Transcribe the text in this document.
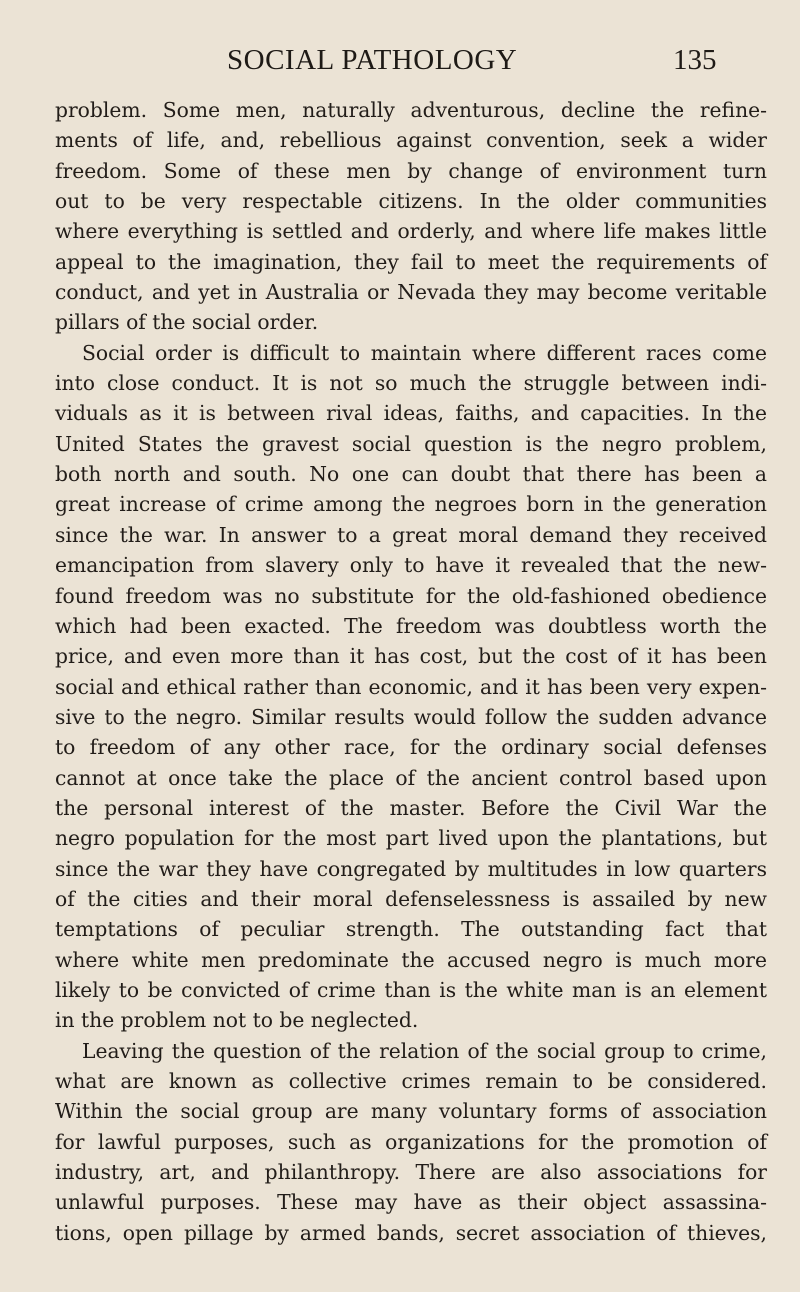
SOCIAL PATHOLOGY	135
problem. Some men, naturally adventurous, decline the refine-
ments of life, and, rebellious against convention, seek a wider
freedom. Some of these men by change of environment turn
out to be very respectable citizens. In the older communities
where everything is settled and orderly, and where life makes little
appeal to the imagination, they fail to meet the requirements of
conduct, and yet in Australia or Nevada they may become veritable
pillars of the social order.
Social order is difficult to maintain where different races come
into close conduct. It is not so much the struggle between indi-
viduals as it is between rival ideas, faiths, and capacities. In the
United States the gravest social question is the negro problem,
both north and south. No one can doubt that there has been a
great increase of crime among the negroes born in the generation
since the war. In answer to a great moral demand they received
emancipation from slavery only to have it revealed that the new-
found freedom was no substitute for the old-fashioned obedience
which had been exacted. The freedom was doubtless worth the
price, and even more than it has cost, but the cost of it has been
social and ethical rather than economic, and it has been very expen-
sive to the negro. Similar results would follow the sudden advance
to freedom of any other race, for the ordinary social defenses
cannot at once take the place of the ancient control based upon
the personal interest of the master. Before the Civil War the
negro population for the most part lived upon the plantations, but
since the war they have congregated by multitudes in low quarters
of the cities and their moral defenselessness is assailed by new
temptations of peculiar strength. The outstanding fact that
where white men predominate the accused negro is much more
likely to be convicted of crime than is the white man is an element
in the problem not to be neglected.
Leaving the question of the relation of the social group to crime,
what are known as collective crimes remain to be considered.
Within the social group are many voluntary forms of association
for lawful purposes, such as organizations for the promotion of
industry, art, and philanthropy. There are also associations for
unlawful purposes. These may have as their object assassina-
tions, open pillage by armed bands, secret association of thieves,
